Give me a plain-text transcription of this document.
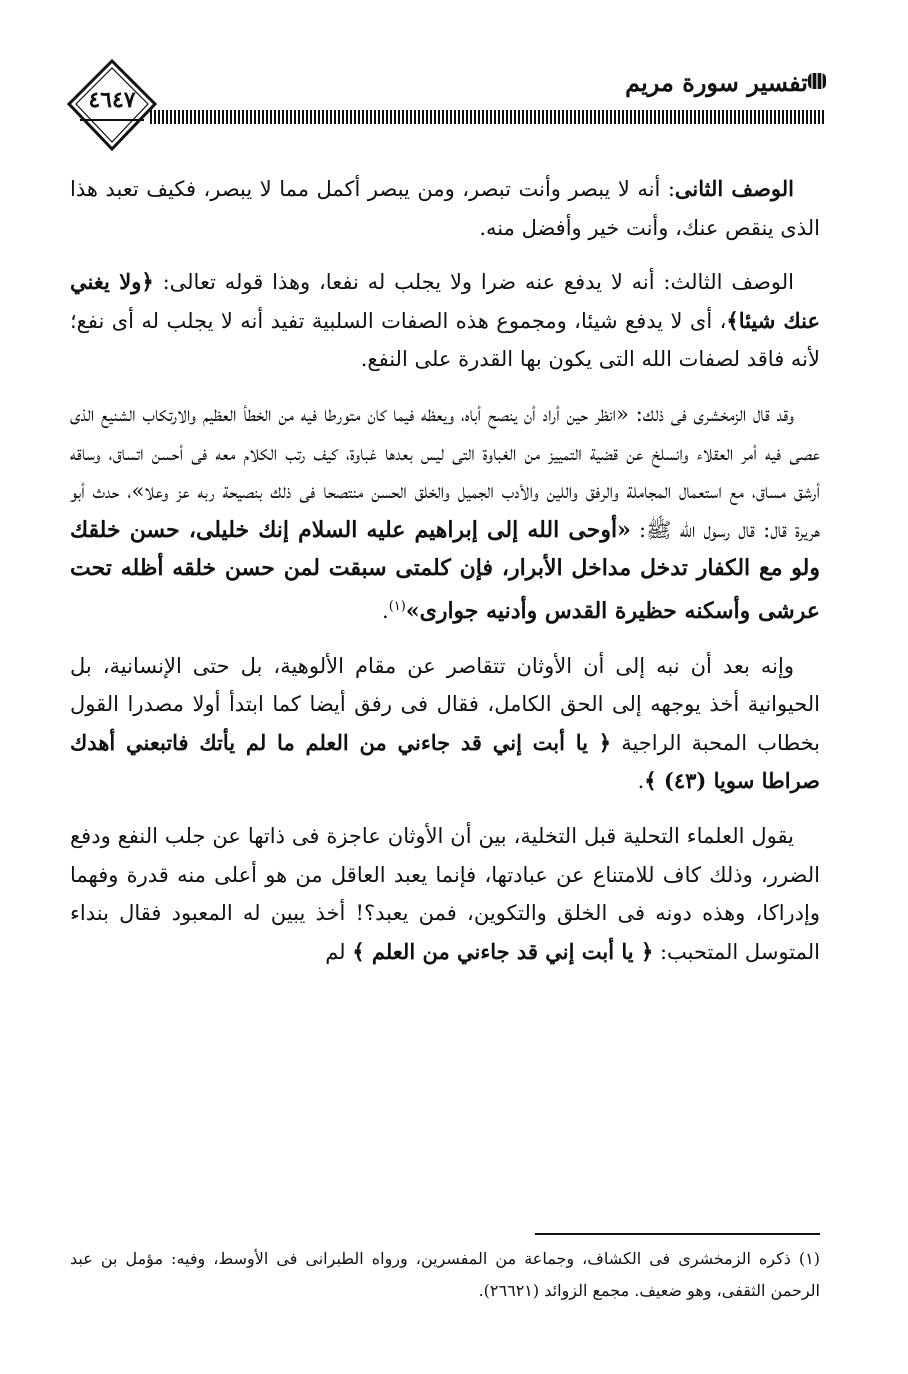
تفسير سورة مريم
٤٦٤٧

الوصف الثانى: أنه لا يبصر وأنت تبصر، ومن يبصر أكمل مما لا يبصر، فكيف تعبد هذا الذى ينقص عنك، وأنت خير وأفضل منه.

الوصف الثالث: أنه لا يدفع عنه ضرا ولا يجلب له نفعا، وهذا قوله تعالى: ﴿ولا يغني عنك شيئا﴾، أى لا يدفع شيئا، ومجموع هذه الصفات السلبية تفيد أنه لا يجلب له أى نفع؛ لأنه فاقد لصفات الله التى يكون بها القدرة على النفع.

وقد قال الزمخشرى فى ذلك: «انظر حين أراد أن ينصح أباه، ويعظه فيما كان متورطا فيه من الخطأ العظيم والارتكاب الشنيع الذى عصى فيه أمر العقلاء وانسلخ عن قضية التمييز من الغباوة التى ليس بعدها غباوة، كيف رتب الكلام معه فى أحسن اتساق، وساقه أرشق مساق، مع استعمال المجاملة والرفق واللين والأدب الجميل والخلق الحسن منتصحا فى ذلك بنصيحة ربه عز وعلا»، حدث أبو هريرة قال: قال رسول الله ﷺ: «أوحى الله إلى إبراهيم عليه السلام إنك خليلى، حسن خلقك ولو مع الكفار تدخل مداخل الأبرار، فإن كلمتى سبقت لمن حسن خلقه أظله تحت عرشى وأسكنه حظيرة القدس وأدنيه جوارى»$^{(١)}$.

وإنه بعد أن نبه إلى أن الأوثان تتقاصر عن مقام الألوهية، بل حتى الإنسانية، بل الحيوانية أخذ يوجهه إلى الحق الكامل، فقال فى رفق أيضا كما ابتدأ أولا مصدرا القول بخطاب المحبة الراجية ﴿ يا أبت إني قد جاءني من العلم ما لم يأتك فاتبعني أهدك صراطا سويا (٤٣) ﴾.

يقول العلماء التحلية قبل التخلية، بين أن الأوثان عاجزة فى ذاتها عن جلب النفع ودفع الضرر، وذلك كاف للامتناع عن عبادتها، فإنما يعبد العاقل من هو أعلى منه قدرة وفهما وإدراكا، وهذه دونه فى الخلق والتكوين، فمن يعبد؟! أخذ يبين له المعبود فقال بنداء المتوسل المتحبب: ﴿ يا أبت إني قد جاءني من العلم ﴾ لم

(١) ذكره الزمخشرى فى الكشاف، وجماعة من المفسرين، ورواه الطبرانى فى الأوسط، وفيه: مؤمل بن عبد الرحمن الثقفى، وهو ضعيف. مجمع الزوائد (٢٦٦٢١).
